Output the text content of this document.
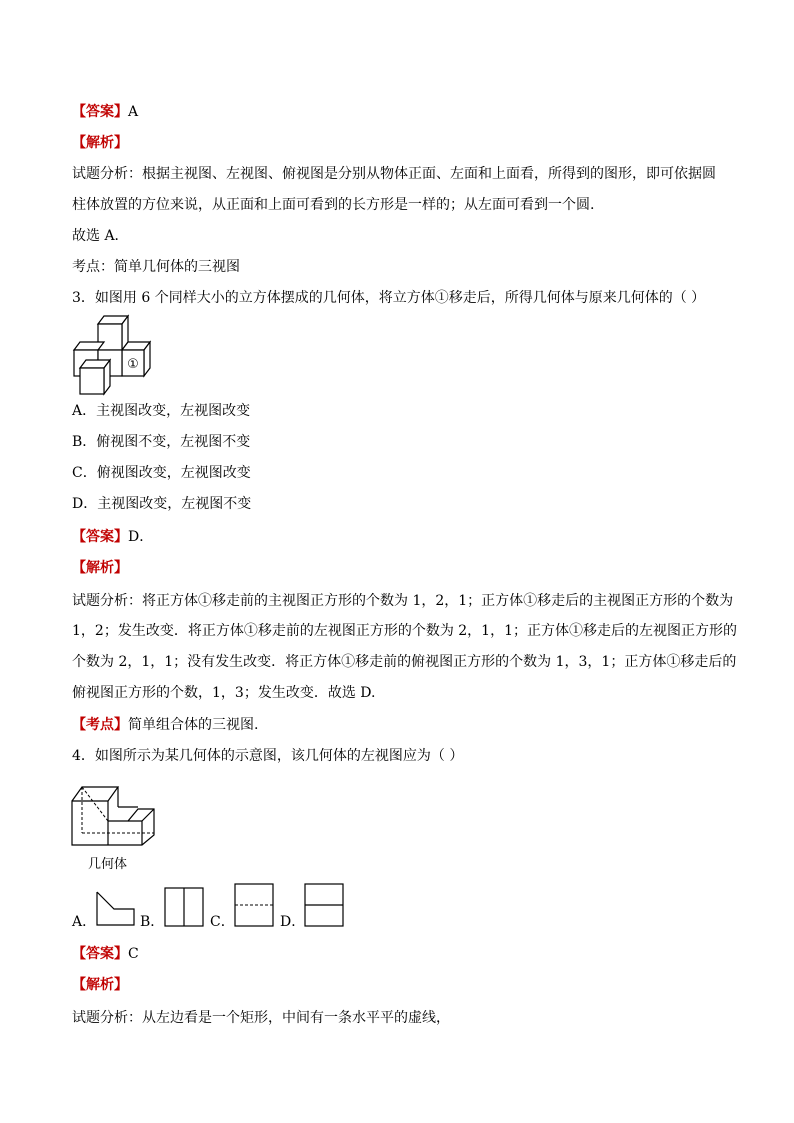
【答案】A
【解析】
试题分析：根据主视图、左视图、俯视图是分别从物体正面、左面和上面看，所得到的图形，即可依据圆
柱体放置的方位来说，从正面和上面可看到的长方形是一样的；从左面可看到一个圆.
故选 A．
考点：简单几何体的三视图
3．如图用 6 个同样大小的立方体摆成的几何体，将立方体①移走后，所得几何体与原来几何体的（ ）
①
A．主视图改变，左视图改变
B．俯视图不变，左视图不变
C．俯视图改变，左视图改变
D．主视图改变，左视图不变
【答案】D．
【解析】
试题分析：将正方体①移走前的主视图正方形的个数为 1，2，1；正方体①移走后的主视图正方形的个数为
1，2；发生改变．将正方体①移走前的左视图正方形的个数为 2，1，1；正方体①移走后的左视图正方形的
个数为 2，1，1；没有发生改变．将正方体①移走前的俯视图正方形的个数为 1，3，1；正方体①移走后的
俯视图正方形的个数，1，3；发生改变．故选 D.
【考点】简单组合体的三视图.
4．如图所示为某几何体的示意图，该几何体的左视图应为（ ）
几何体
A．	B．	C．	D．
【答案】C
【解析】
试题分析：从左边看是一个矩形，中间有一条水平平的虚线，
